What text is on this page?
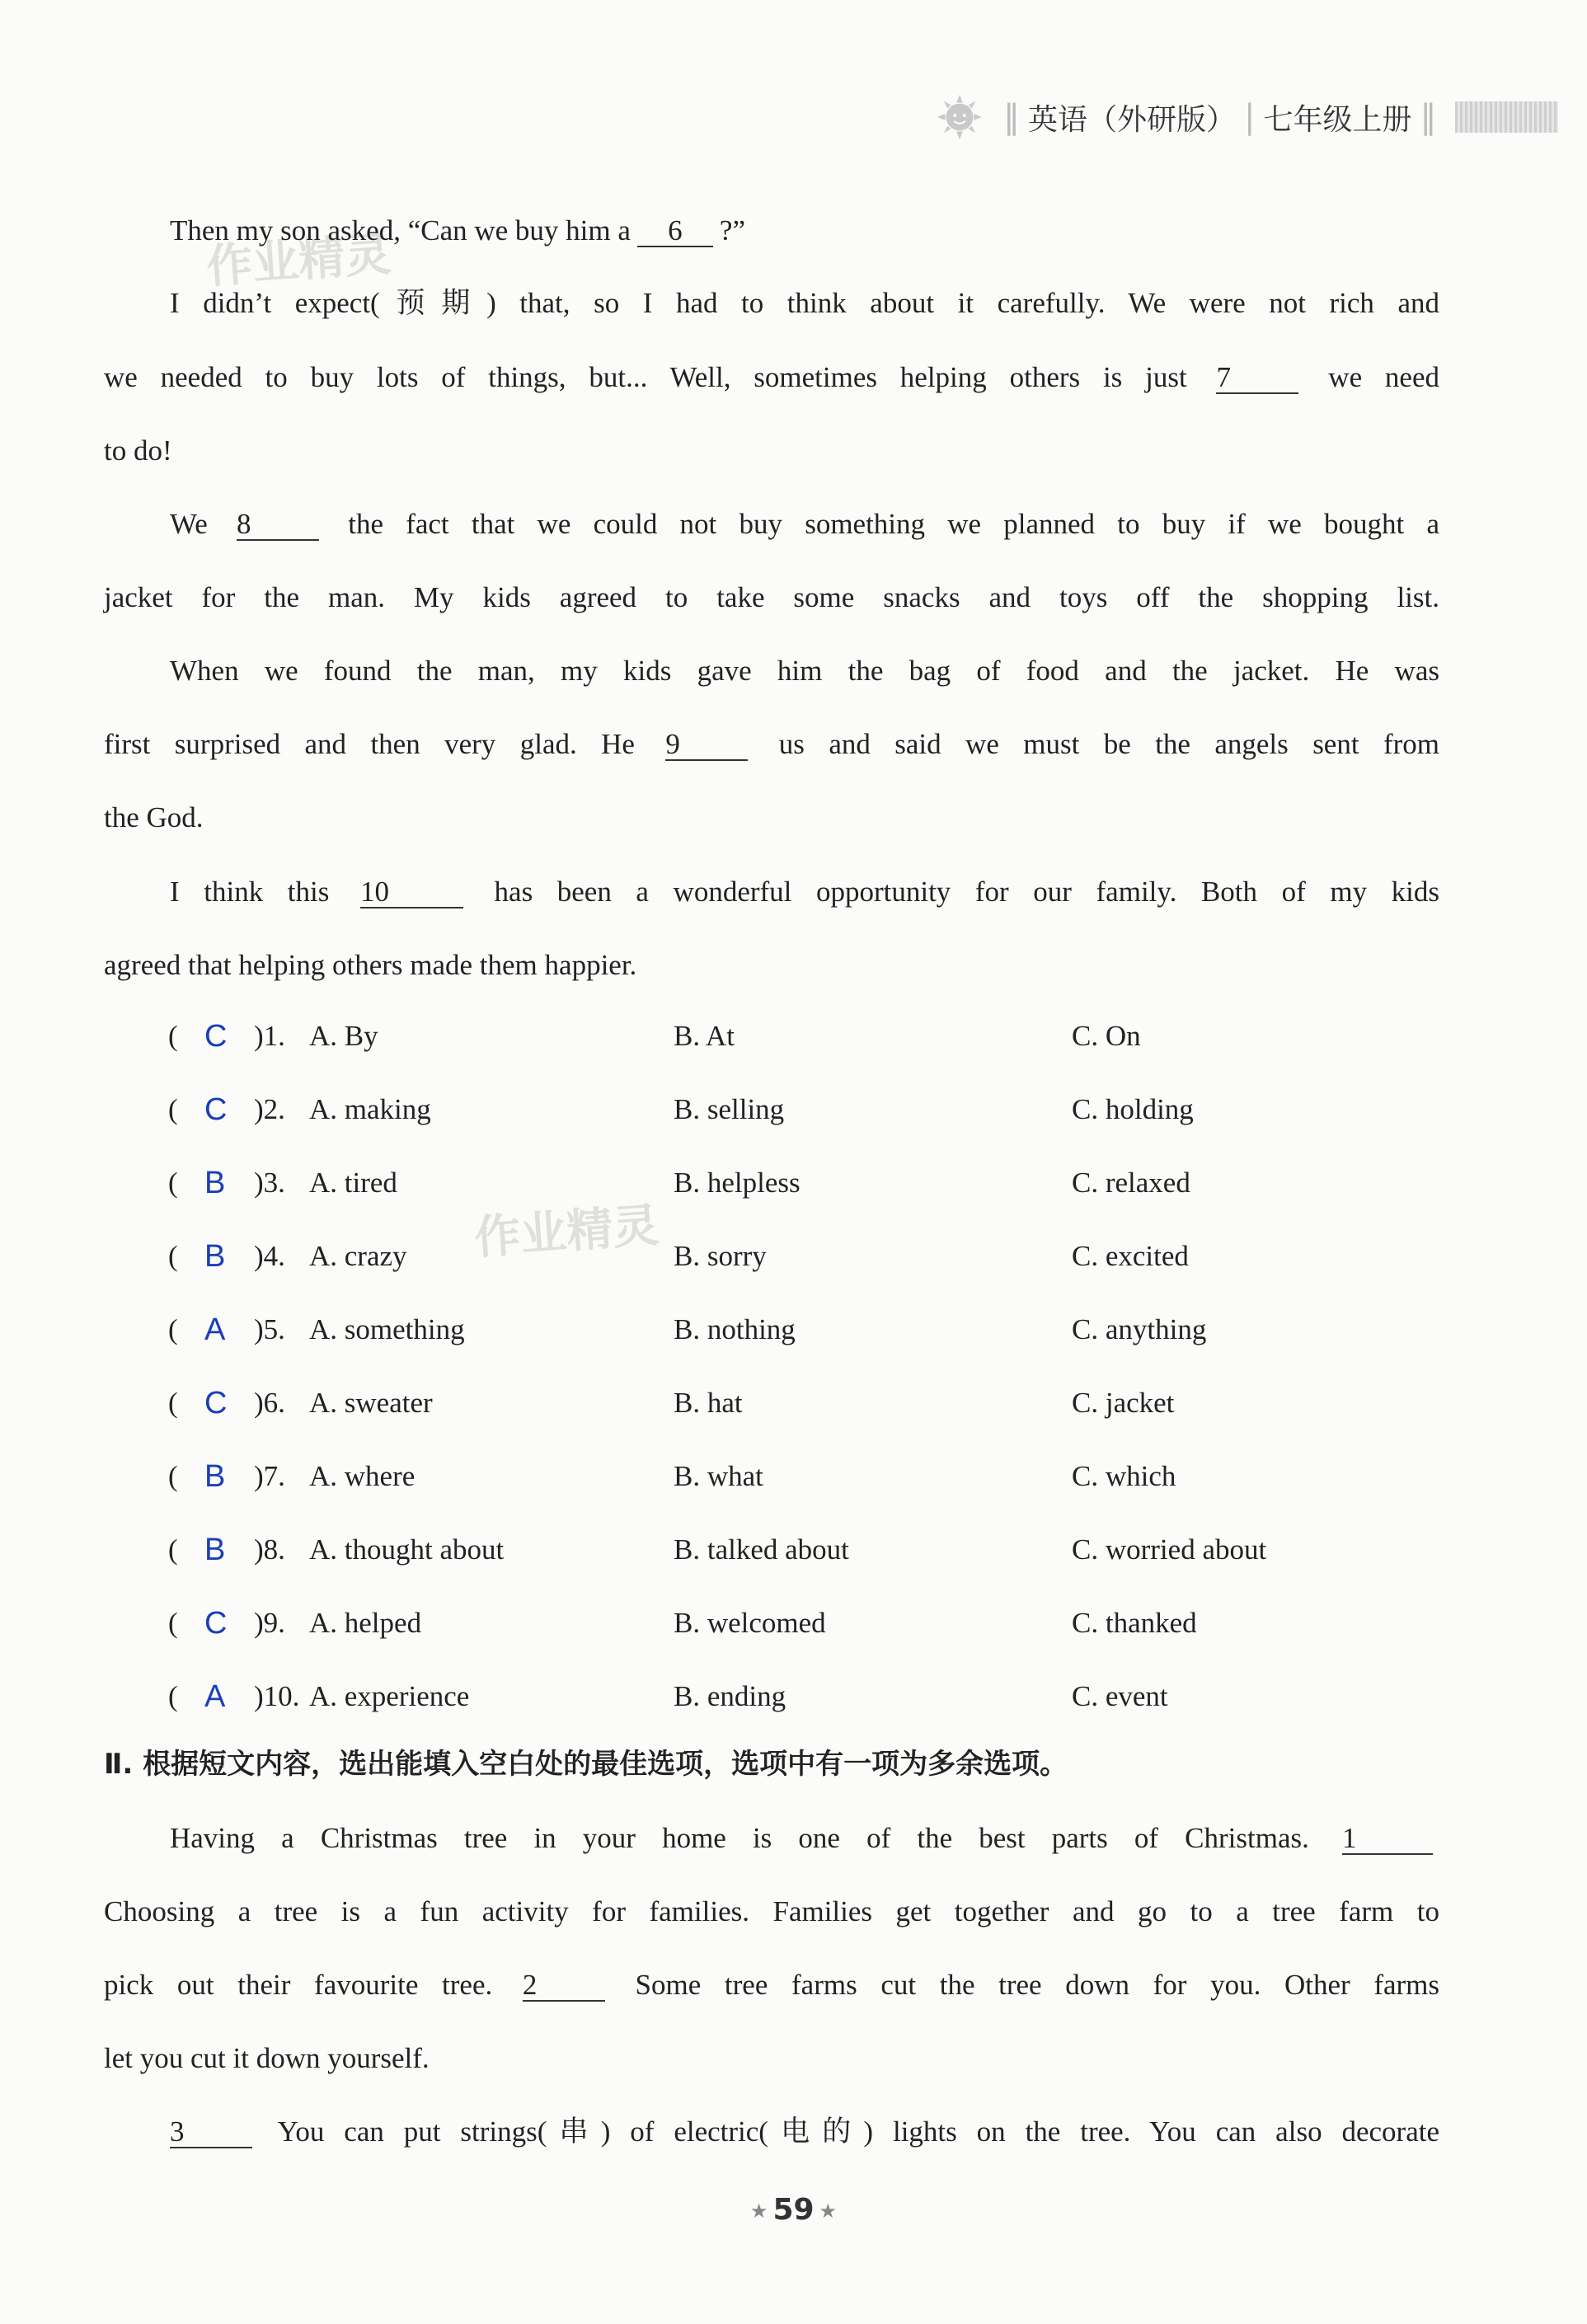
‖ 英语（外研版） | 七年级上册 ‖
作业精灵
作业精灵
Then my son asked, “Can we buy him a 6 ?”
I didn’t expect(预期) that, so I had to think about it carefully. We were not rich and
we needed to buy lots of things, but... Well, sometimes helping others is just 7	we need
to do!
We 8	the fact that we could not buy something we planned to buy if we bought a
jacket for the man. My kids agreed to take some snacks and toys off the shopping list.
When we found the man, my kids gave him the bag of food and the jacket. He was
first surprised and then very glad. He 9	us and said we must be the angels sent from
the God.
I think this 10	has been a wonderful opportunity for our family. Both of my kids
agreed that helping others made them happier.
( C )1. A. By	B. At	C. On
( C )2. A. making	B. selling	C. holding
( B )3. A. tired	B. helpless	C. relaxed
( B )4. A. crazy	B. sorry	C. excited
( A )5. A. something	B. nothing	C. anything
( C )6. A. sweater	B. hat	C. jacket
( B )7. A. where	B. what	C. which
( B )8. A. thought about	B. talked about	C. worried about
( C )9. A. helped	B. welcomed	C. thanked
( A )10. A. experience	B. ending	C. event
Ⅱ. 根据短文内容，选出能填入空白处的最佳选项，选项中有一项为多余选项。
Having a Christmas tree in your home is one of the best parts of Christmas. 1
Choosing a tree is a fun activity for families. Families get together and go to a tree farm to
pick out their favourite tree. 2	Some tree farms cut the tree down for you. Other farms
let you cut it down yourself.
3	You can put strings(串) of electric(电的) lights on the tree. You can also decorate
★ 59 ★
